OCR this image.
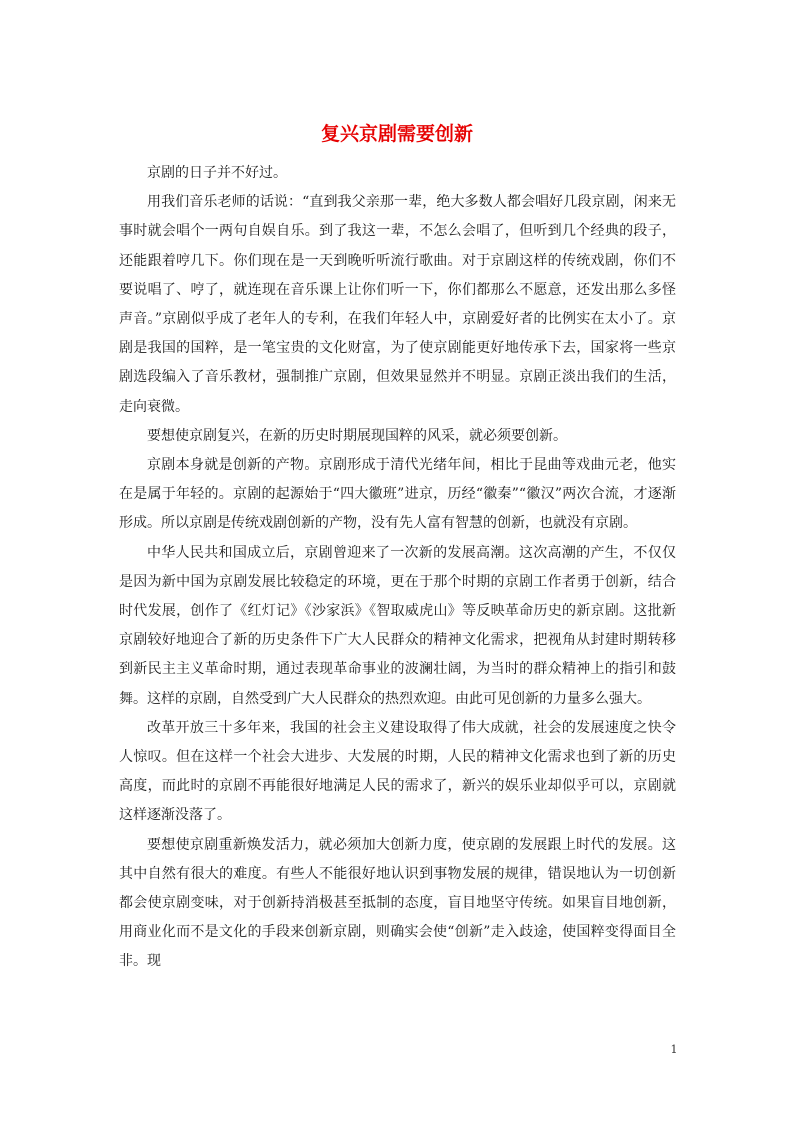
复兴京剧需要创新

京剧的日子并不好过。

用我们音乐老师的话说：“直到我父亲那一辈，绝大多数人都会唱好几段京剧，闲来无事时就会唱个一两句自娱自乐。到了我这一辈，不怎么会唱了，但听到几个经典的段子，还能跟着哼几下。你们现在是一天到晚听听流行歌曲。对于京剧这样的传统戏剧，你们不要说唱了、哼了，就连现在音乐课上让你们听一下，你们都那么不愿意，还发出那么多怪声音。”京剧似乎成了老年人的专利，在我们年轻人中，京剧爱好者的比例实在太小了。京剧是我国的国粹，是一笔宝贵的文化财富，为了使京剧能更好地传承下去，国家将一些京剧选段编入了音乐教材，强制推广京剧，但效果显然并不明显。京剧正淡出我们的生活，走向衰微。

要想使京剧复兴，在新的历史时期展现国粹的风采，就必须要创新。

京剧本身就是创新的产物。京剧形成于清代光绪年间，相比于昆曲等戏曲元老，他实在是属于年轻的。京剧的起源始于“四大徽班”进京，历经“徽秦”“徽汉”两次合流，才逐渐形成。所以京剧是传统戏剧创新的产物，没有先人富有智慧的创新，也就没有京剧。

中华人民共和国成立后，京剧曾迎来了一次新的发展高潮。这次高潮的产生，不仅仅是因为新中国为京剧发展比较稳定的环境，更在于那个时期的京剧工作者勇于创新，结合时代发展，创作了《红灯记》《沙家浜》《智取威虎山》等反映革命历史的新京剧。这批新京剧较好地迎合了新的历史条件下广大人民群众的精神文化需求，把视角从封建时期转移到新民主主义革命时期，通过表现革命事业的波澜壮阔，为当时的群众精神上的指引和鼓舞。这样的京剧，自然受到广大人民群众的热烈欢迎。由此可见创新的力量多么强大。

改革开放三十多年来，我国的社会主义建设取得了伟大成就，社会的发展速度之快令人惊叹。但在这样一个社会大进步、大发展的时期，人民的精神文化需求也到了新的历史高度，而此时的京剧不再能很好地满足人民的需求了，新兴的娱乐业却似乎可以，京剧就这样逐渐没落了。

要想使京剧重新焕发活力，就必须加大创新力度，使京剧的发展跟上时代的发展。这其中自然有很大的难度。有些人不能很好地认识到事物发展的规律，错误地认为一切创新都会使京剧变味，对于创新持消极甚至抵制的态度，盲目地坚守传统。如果盲目地创新，用商业化而不是文化的手段来创新京剧，则确实会使“创新”走入歧途，使国粹变得面目全非。现

1
